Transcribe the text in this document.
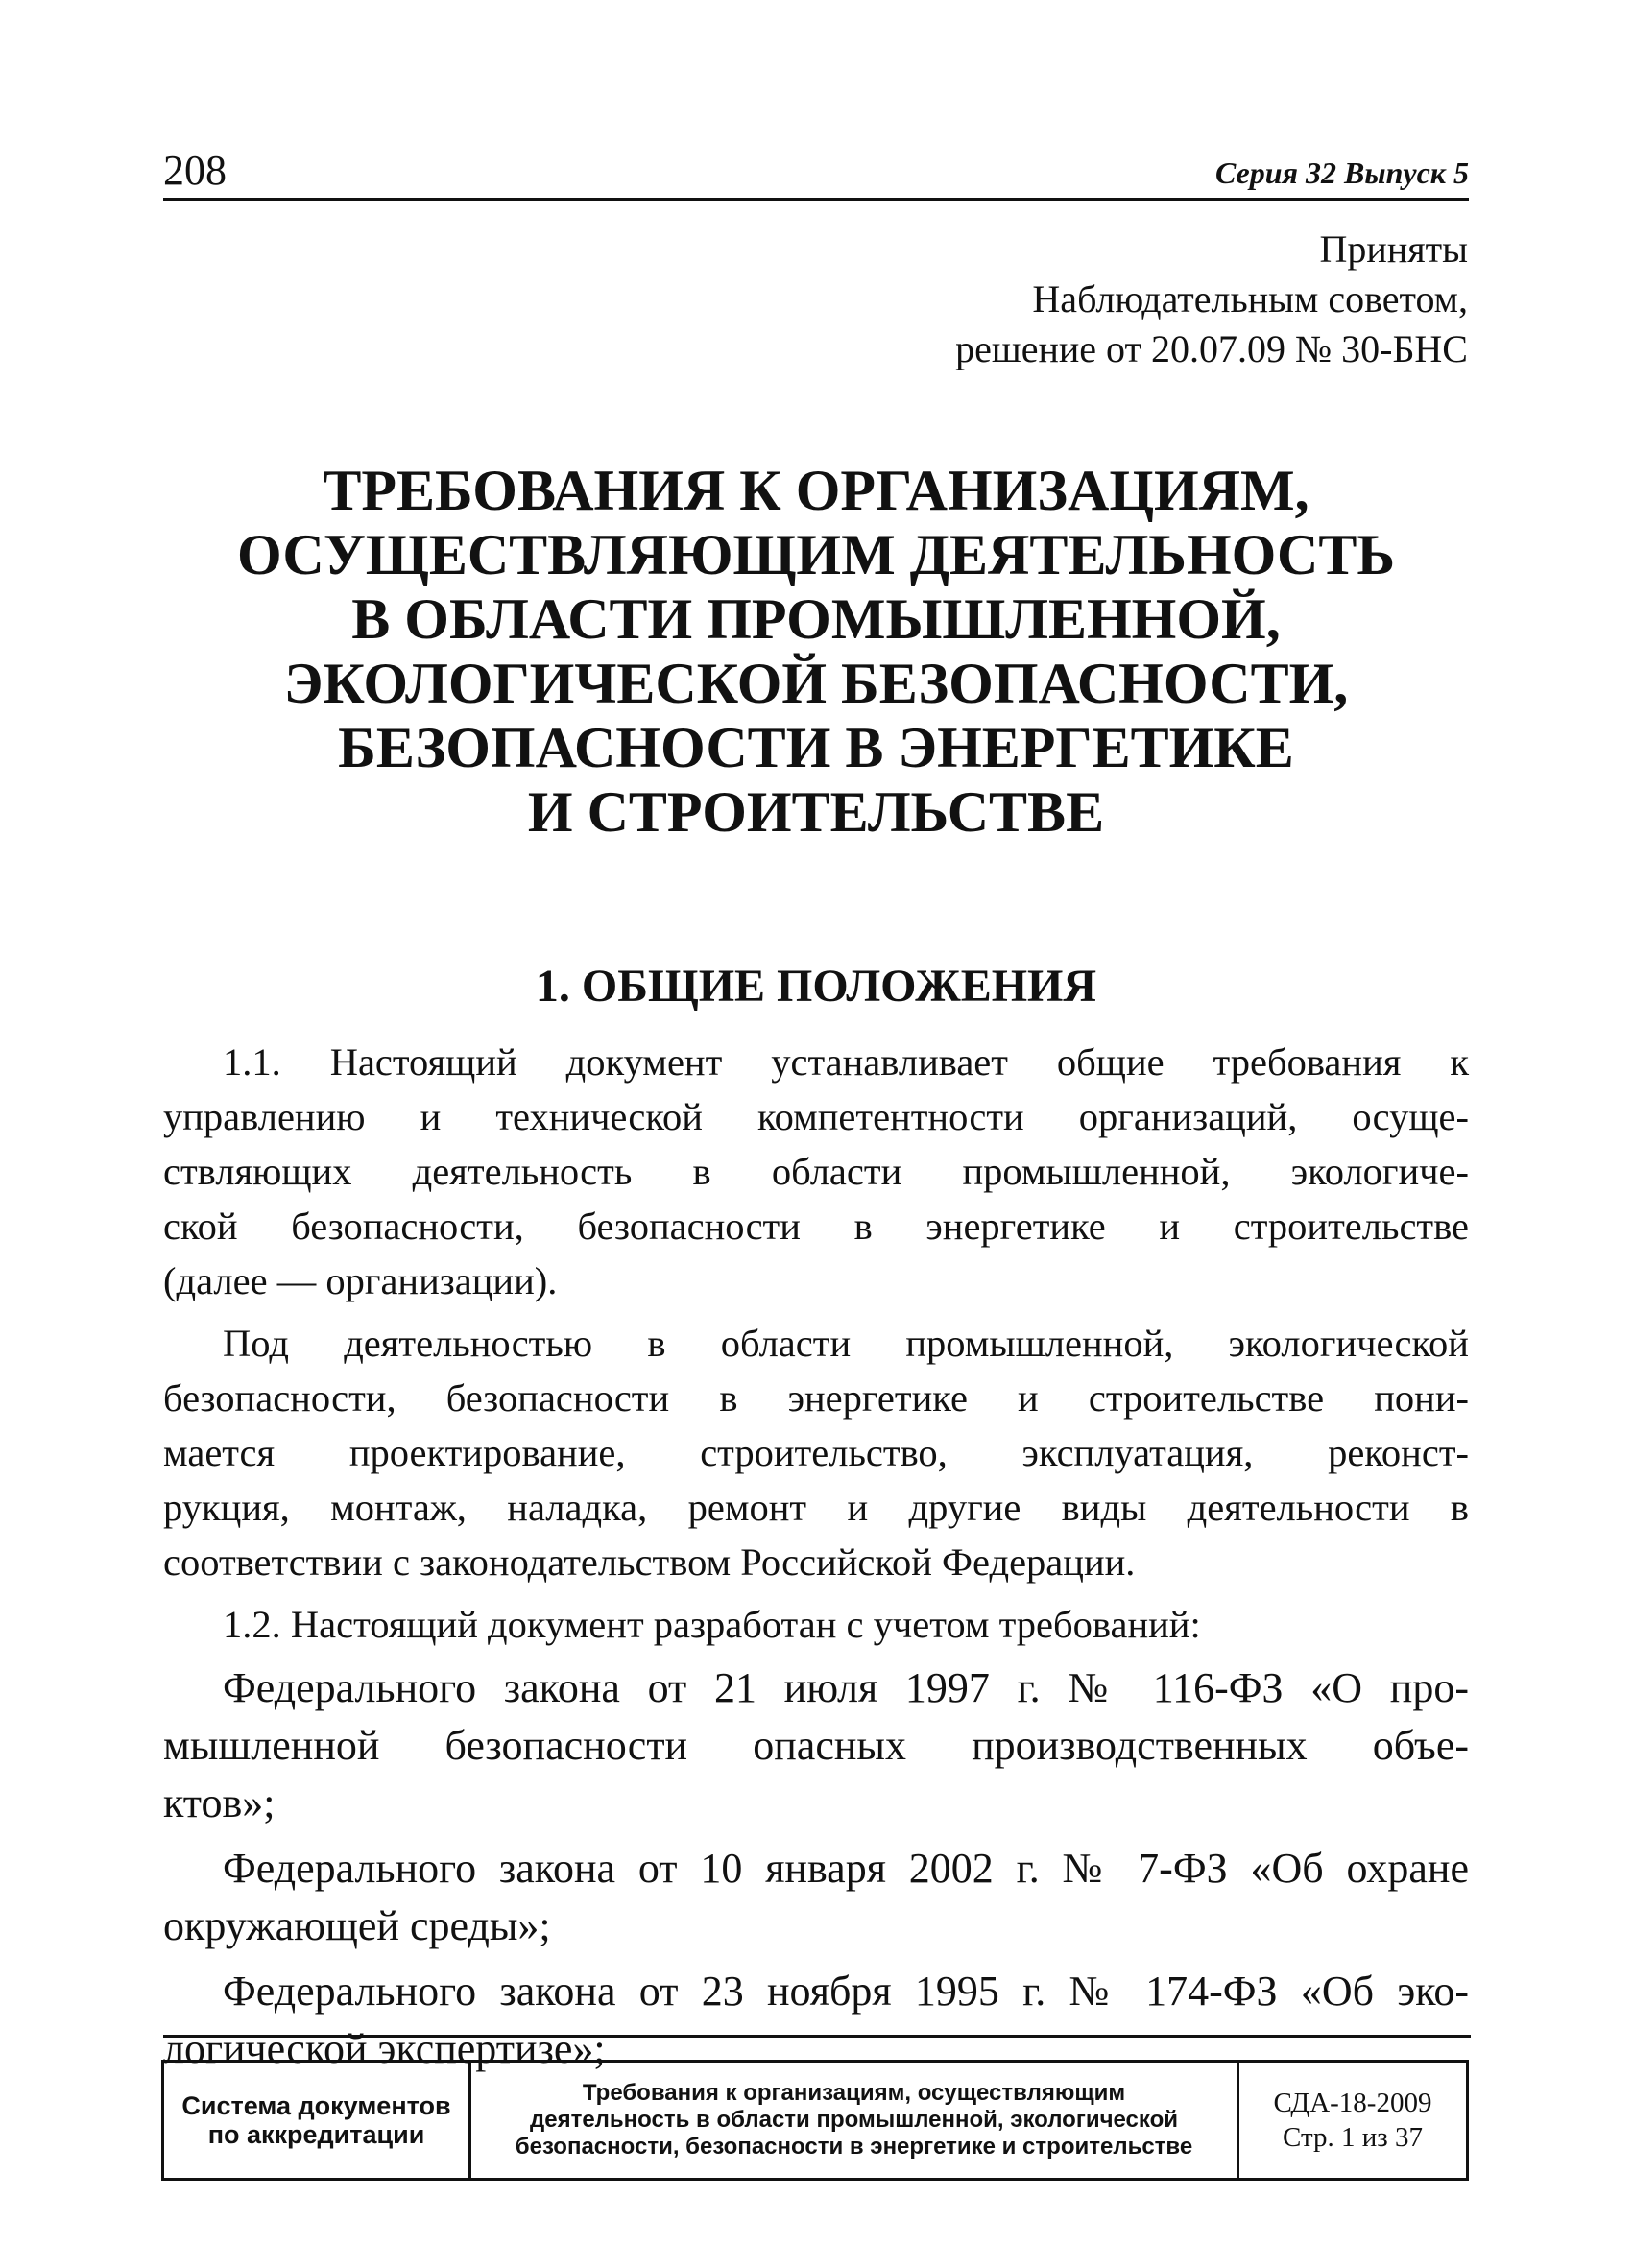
208	Серия 32 Выпуск 5
Приняты
Наблюдательным советом,
решение от 20.07.09 № 30-БНС
ТРЕБОВАНИЯ К ОРГАНИЗАЦИЯМ,
ОСУЩЕСТВЛЯЮЩИМ ДЕЯТЕЛЬНОСТЬ
В ОБЛАСТИ ПРОМЫШЛЕННОЙ,
ЭКОЛОГИЧЕСКОЙ БЕЗОПАСНОСТИ,
БЕЗОПАСНОСТИ В ЭНЕРГЕТИКЕ
И СТРОИТЕЛЬСТВЕ
1. ОБЩИЕ ПОЛОЖЕНИЯ
1.1. Настоящий документ устанавливает общие требования к
управлению и технической компетентности организаций, осуще-
ствляющих деятельность в области промышленной, экологиче-
ской безопасности, безопасности в энергетике и строительстве
(далее — организации).
Под деятельностью в области промышленной, экологической
безопасности, безопасности в энергетике и строительстве пони-
мается проектирование, строительство, эксплуатация, реконст-
рукция, монтаж, наладка, ремонт и другие виды деятельности в
соответствии с законодательством Российской Федерации.
1.2. Настоящий документ разработан с учетом требований:
Федерального закона от 21 июля 1997 г. № 116-ФЗ «О про-
мышленной безопасности опасных производственных объе-
ктов»;
Федерального закона от 10 января 2002 г. № 7-ФЗ «Об охране
окружающей среды»;
Федерального закона от 23 ноября 1995 г. № 174-ФЗ «Об эко-
логической экспертизе»;
Система документов
по аккредитации
Требования к организациям, осуществляющим
деятельность в области промышленной, экологической
безопасности, безопасности в энергетике и строительстве
СДА-18-2009
Стр. 1 из 37
